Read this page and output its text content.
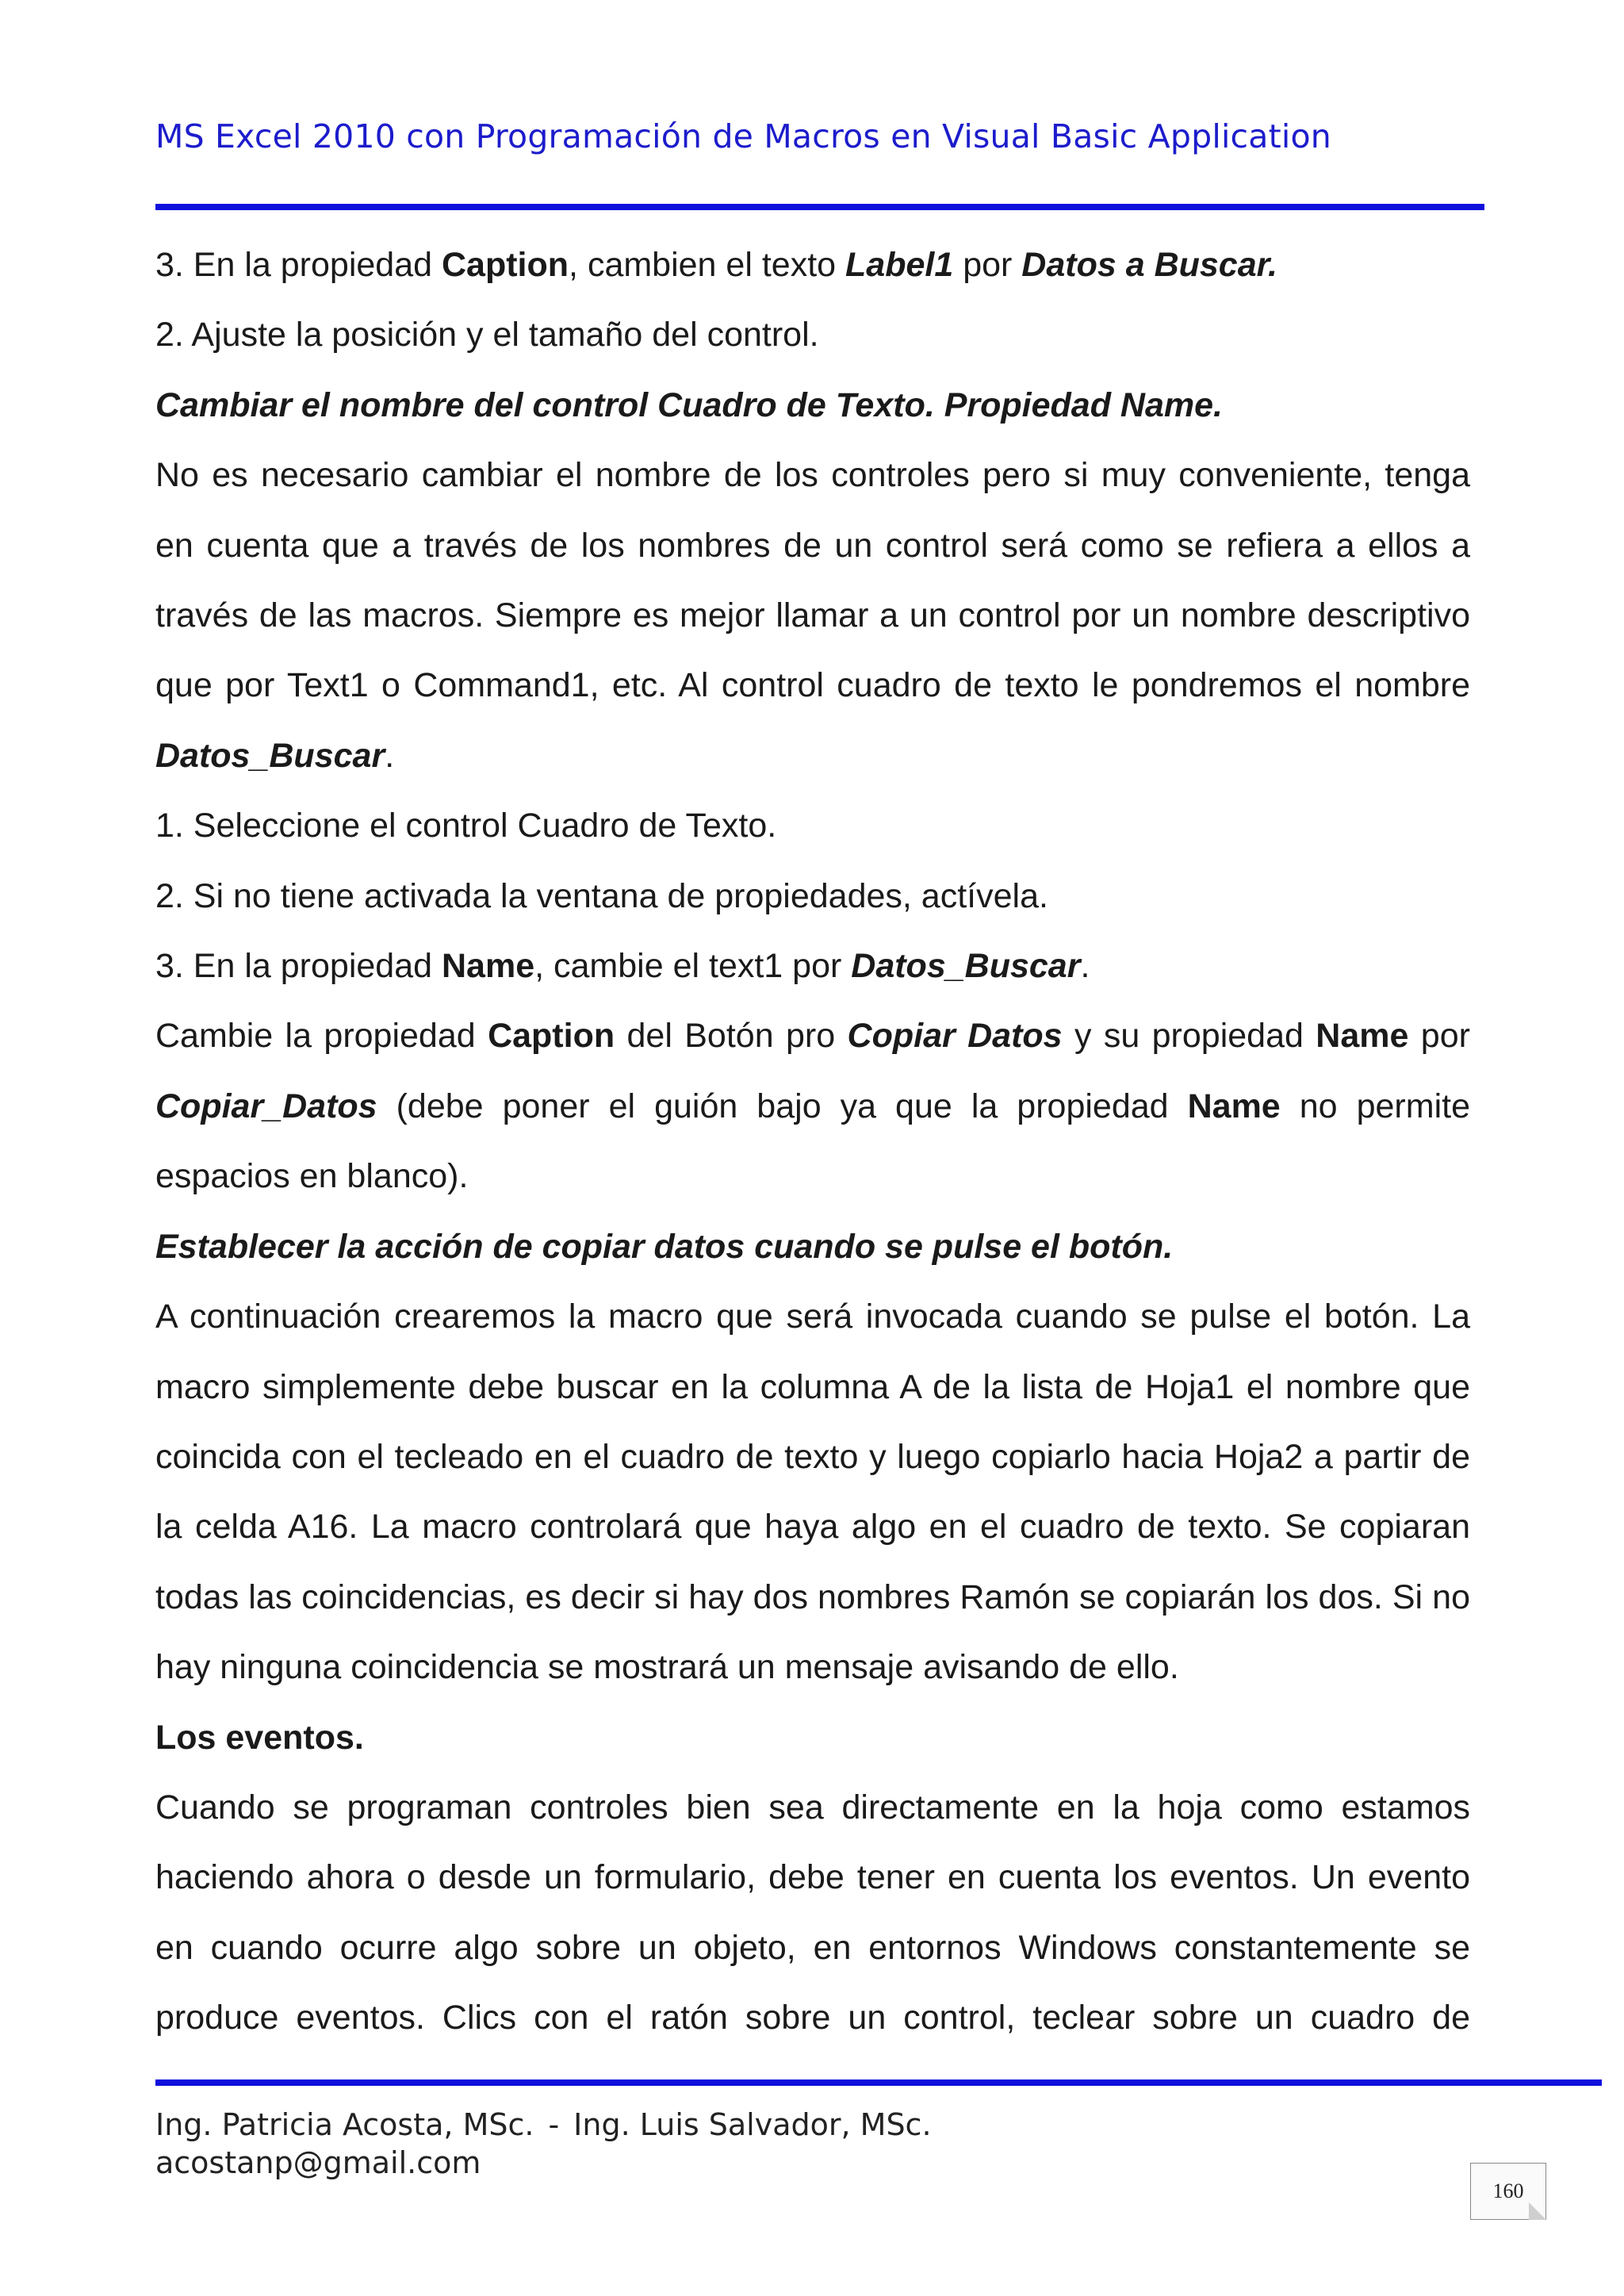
MS Excel 2010 con Programación de Macros en Visual Basic Application

3. En la propiedad Caption, cambien el texto Label1 por Datos a Buscar.

2. Ajuste la posición y el tamaño del control.

Cambiar el nombre del control Cuadro de Texto. Propiedad Name.

No es necesario cambiar el nombre de los controles pero si muy conveniente, tenga en cuenta que a través de los nombres de un control será como se refiera a ellos a través de las macros. Siempre es mejor llamar a un control por un nombre descriptivo que por Text1 o Command1, etc. Al control cuadro de texto le pondremos el nombre Datos_Buscar.

1. Seleccione el control Cuadro de Texto.

2. Si no tiene activada la ventana de propiedades, actívela.

3. En la propiedad Name, cambie el text1 por Datos_Buscar.

Cambie la propiedad Caption del Botón pro Copiar Datos y su propiedad Name por Copiar_Datos (debe poner el guión bajo ya que la propiedad Name no permite espacios en blanco).

Establecer la acción de copiar datos cuando se pulse el botón.

A continuación crearemos la macro que será invocada cuando se pulse el botón. La macro simplemente debe buscar en la columna A de la lista de Hoja1 el nombre que coincida con el tecleado en el cuadro de texto y luego copiarlo hacia Hoja2 a partir de la celda A16. La macro controlará que haya algo en el cuadro de texto. Se copiaran todas las coincidencias, es decir si hay dos nombres Ramón se copiarán los dos. Si no hay ninguna coincidencia se mostrará un mensaje avisando de ello.

Los eventos.

Cuando se programan controles bien sea directamente en la hoja como estamos haciendo ahora o desde un formulario, debe tener en cuenta los eventos. Un evento en cuando ocurre algo sobre un objeto, en entornos Windows constantemente se produce eventos. Clics con el ratón sobre un control, teclear sobre un cuadro de

Ing. Patricia Acosta, MSc. - Ing. Luis Salvador, MSc.
acostanp@gmail.com
160
